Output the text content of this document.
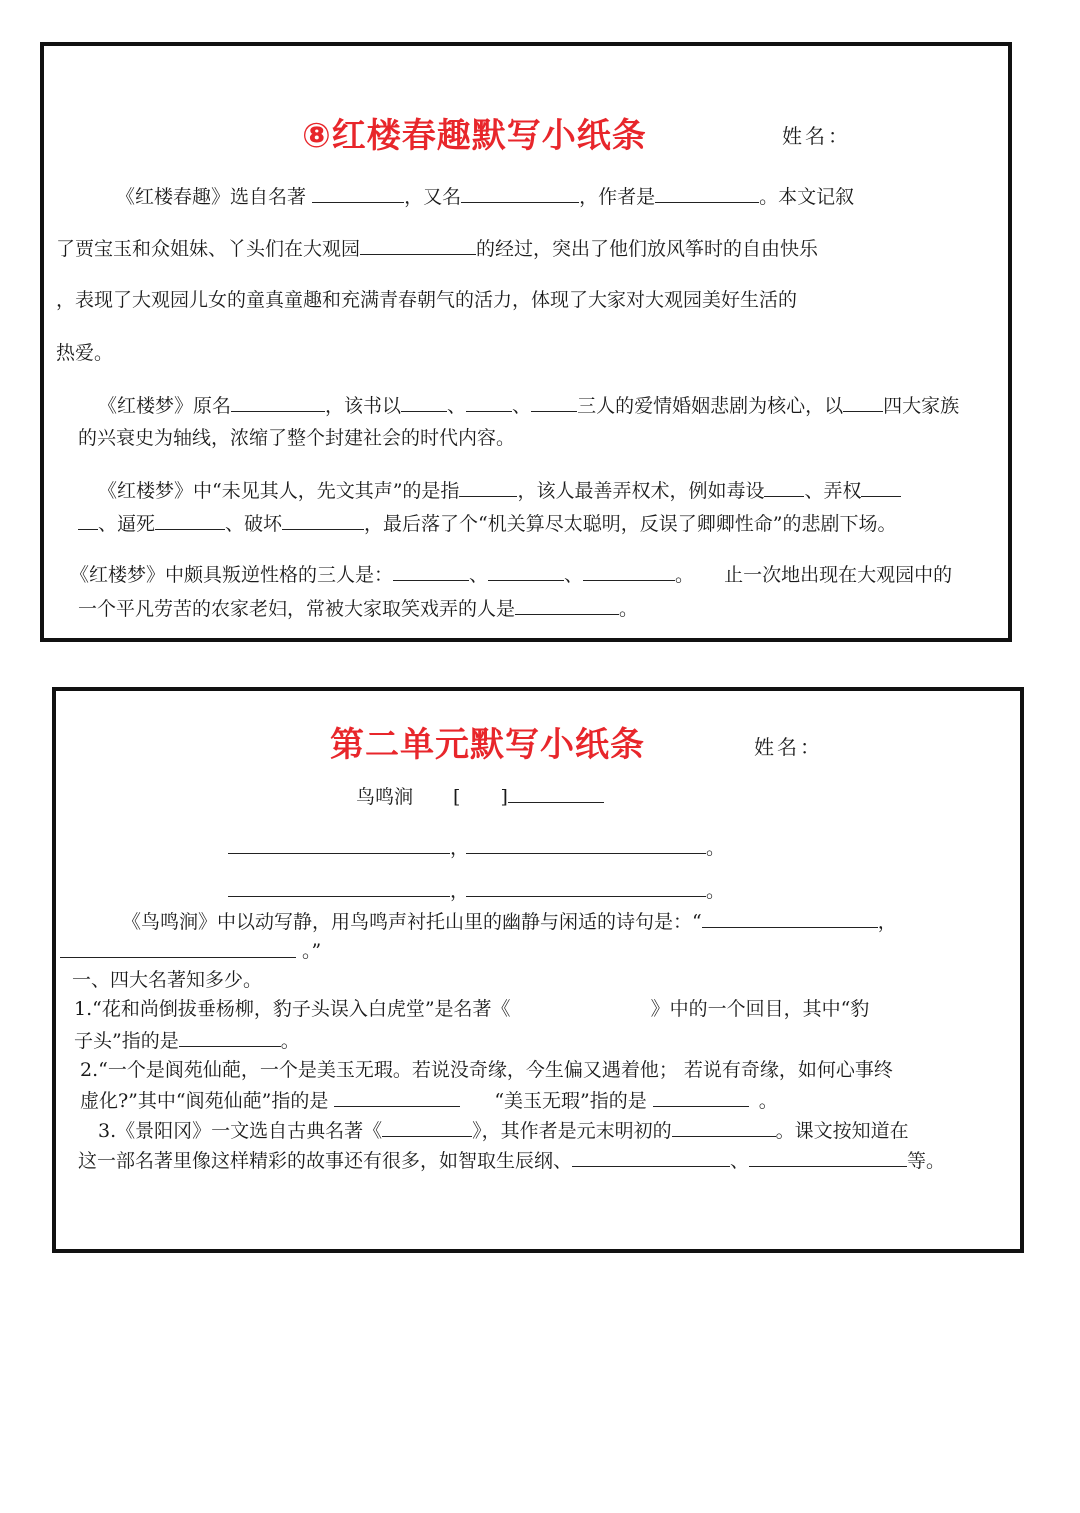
⑧红楼春趣默写小纸条	姓名：
《红楼春趣》选自名著	，又名	，作者是	。本文记叙
了贾宝玉和众姐妹、丫头们在大观园	的经过，突出了他们放风筝时的自由快乐
，表现了大观园儿女的童真童趣和充满青春朝气的活力，体现了大家对大观园美好生活的
热爱。
《红楼梦》原名	，该书以 、 、 三人的爱情婚姻悲剧为核心，以 四大家族
的兴衰史为轴线，浓缩了整个封建社会的时代内容。
《红楼梦》中“未见其人，先文其声”的是指	，该人最善弄权术，例如毒设 、弄权
、逼死	、破坏	，最后落了个“机关算尽太聪明，反误了卿卿性命”的悲剧下场。
《红楼梦》中颇具叛逆性格的三人是：	、	、	。 止一次地出现在大观园中的
一个平凡劳苦的农家老妇，常被大家取笑戏弄的人是	。
第二单元默写小纸条	姓名：
鸟鸣涧 [ ]
，	。
，	。
《鸟鸣涧》中以动写静，用鸟鸣声衬托山里的幽静与闲适的诗句是：“	，
。”
一、四大名著知多少。
1.“花和尚倒拔垂杨柳，豹子头误入白虎堂”是名著《	》中的一个回目，其中“豹
子头”指的是	。
2.“一个是阆苑仙葩，一个是美玉无瑕。若说没奇缘，今生偏又遇着他； 若说有奇缘，如何心事终
虚化?”其中“阆苑仙葩”指的是	“美玉无瑕”指的是	。
3.《景阳冈》一文选自古典名著《	》，其作者是元末明初的	。课文按知道在
这一部名著里像这样精彩的故事还有很多，如智取生辰纲、	、	等。
